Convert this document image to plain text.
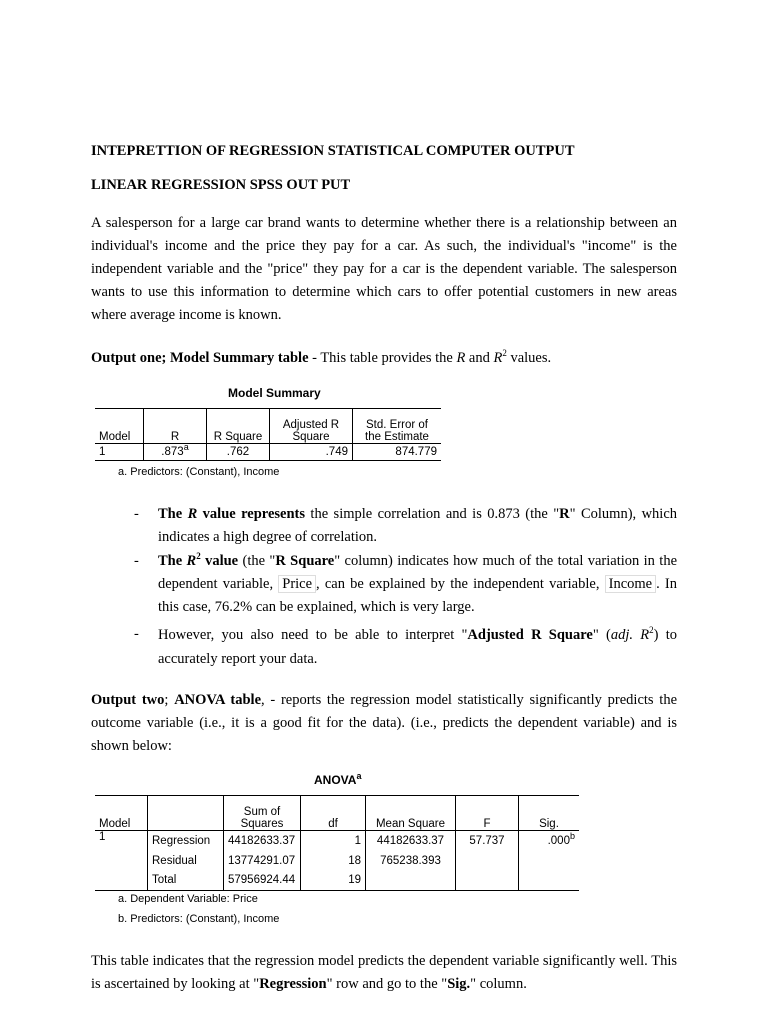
INTEPRETTION OF REGRESSION STATISTICAL COMPUTER OUTPUT
LINEAR REGRESSION SPSS OUT PUT
A salesperson for a large car brand wants to determine whether there is a relationship between an individual's income and the price they pay for a car. As such, the individual's "income" is the independent variable and the "price" they pay for a car is the dependent variable. The salesperson wants to use this information to determine which cars to offer potential customers in new areas where average income is known.
Output one; Model Summary table - This table provides the R and $R^2$ values.
Model Summary
Model	R	R Square	Adjusted R Square	Std. Error of the Estimate
1	.873$^a$	.762	.749	874.779
a. Predictors: (Constant), Income
- The R value represents the simple correlation and is 0.873 (the "R" Column), which indicates a high degree of correlation.
- The $R^2$ value (the "R Square" column) indicates how much of the total variation in the dependent variable, Price , can be explained by the independent variable, Income . In this case, 76.2% can be explained, which is very large.
- However, you also need to be able to interpret "Adjusted R Square" (adj. $R^2$) to accurately report your data.
Output two; ANOVA table, - reports the regression model statistically significantly predicts the outcome variable (i.e., it is a good fit for the data). (i.e., predicts the dependent variable) and is shown below:
ANOVA$^a$
Model		Sum of Squares	df	Mean Square	F	Sig.
1	Regression	44182633.37	1	44182633.37	57.737	.000$^b$
	Residual	13774291.07	18	765238.393		
	Total	57956924.44	19			
a. Dependent Variable: Price
b. Predictors: (Constant), Income
This table indicates that the regression model predicts the dependent variable significantly well. This is ascertained by looking at "Regression" row and go to the "Sig." column.
